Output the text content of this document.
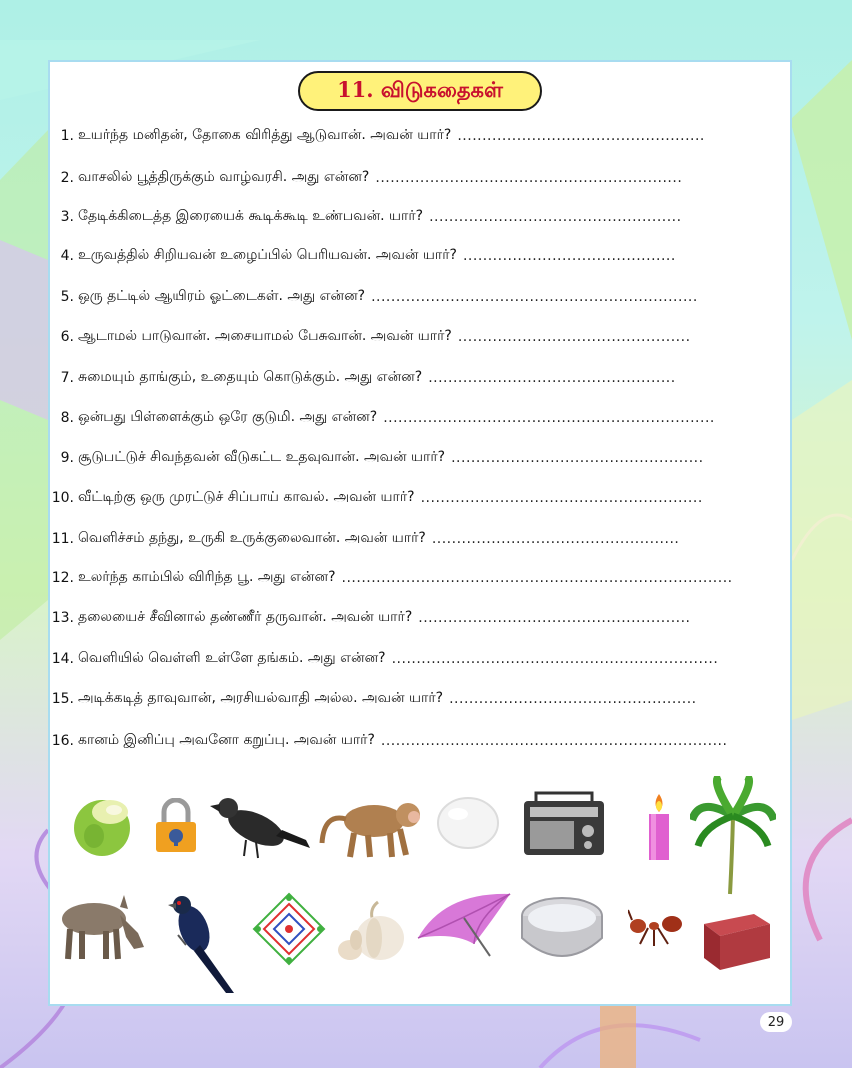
11. விடுகதைகள்
1. உயர்ந்த மனிதன், தோகை விரித்து ஆடுவான். அவன் யார்? ..................................................
2. வாசலில் பூத்திருக்கும் வாழ்வரசி. அது என்ன? ..............................................................
3. தேடிக்கிடைத்த இரையைக் கூடிக்கூடி உண்பவன். யார்? ...................................................
4. உருவத்தில் சிறியவன் உழைப்பில் பெரியவன். அவன் யார்? ...........................................
5. ஒரு தட்டில் ஆயிரம் ஓட்டைகள். அது என்ன? ..................................................................
6. ஆடாமல் பாடுவான். அசையாமல் பேசுவான். அவன் யார்? ...............................................
7. சுமையும் தாங்கும், உதையும் கொடுக்கும். அது என்ன? ..................................................
8. ஒன்பது பிள்ளைக்கும் ஒரே குடுமி. அது என்ன? ...................................................................
9. சூடுபட்டுச் சிவந்தவன் வீடுகட்ட உதவுவான். அவன் யார்? ...................................................
10. வீட்டிற்கு ஒரு முரட்டுச் சிப்பாய் காவல். அவன் யார்? .........................................................
11. வெளிச்சம் தந்து, உருகி உருக்குலைவான். அவன் யார்? ..................................................
12. உலர்ந்த காம்பில் விரிந்த பூ. அது என்ன? ...............................................................................
13. தலையைச் சீவினால் தண்ணீர் தருவான். அவன் யார்? .......................................................
14. வெளியில் வெள்ளி உள்ளே தங்கம். அது என்ன? ..................................................................
15. அடிக்கடித் தாவுவான், அரசியல்வாதி அல்ல. அவன் யார்? ..................................................
16. கானம் இனிப்பு அவனோ கறுப்பு. அவன் யார்? ......................................................................
29
